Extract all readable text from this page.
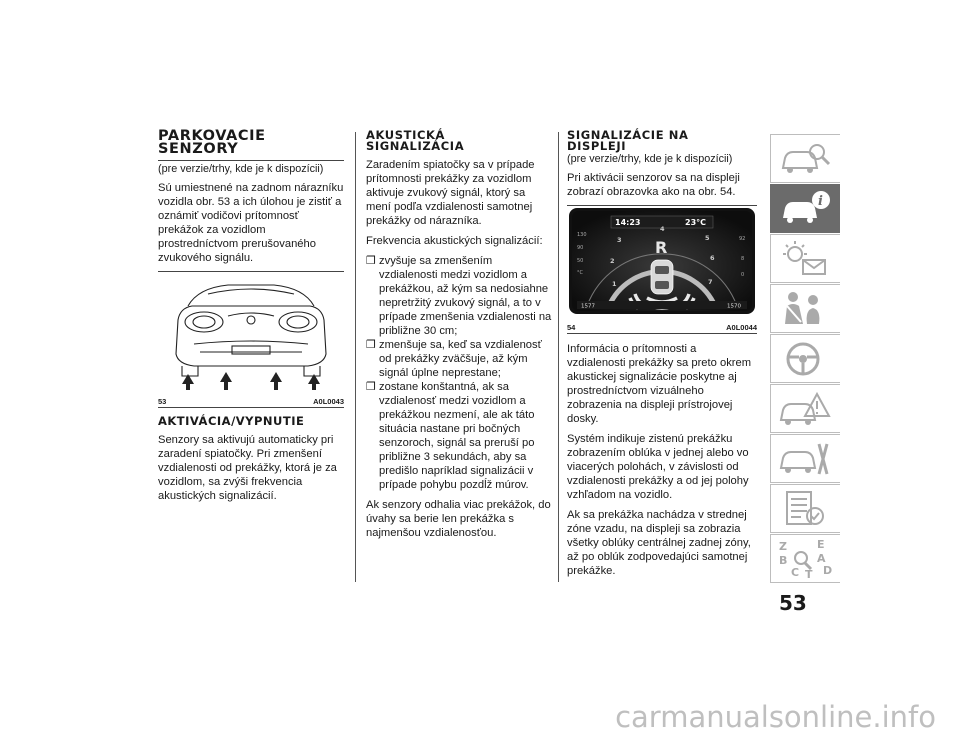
PARKOVACIE
SENZORY
(pre verzie/trhy, kde je k dispozícii)

Sú umiestnené na zadnom nárazníku vozidla obr. 53 a ich úlohou je zistiť a oznámiť vodičovi prítomnosť prekážok za vozidlom prostredníctvom prerušovaného zvukového signálu.

53	A0L0043
AKTIVÁCIA/VYPNUTIE

Senzory sa aktivujú automaticky pri zaradení spiatočky. Pri zmenšení vzdialenosti od prekážky, ktorá je za vozidlom, sa zvýši frekvencia akustických signalizácií.

AKUSTICKÁ
SIGNALIZÁCIA

Zaradením spiatočky sa v prípade prítomnosti prekážky za vozidlom aktivuje zvukový signál, ktorý sa mení podľa vzdialenosti samotnej prekážky od nárazníka.

Frekvencia akustických signalizácií:

❒ zvyšuje sa zmenšením vzdialenosti medzi vozidlom a prekážkou, až kým sa nedosiahne nepretržitý zvukový signál, a to v prípade zmenšenia vzdialenosti na približne 30 cm;
❒ zmenšuje sa, keď sa vzdialenosť od prekážky zväčšuje, až kým signál úplne neprestane;
❒ zostane konštantná, ak sa vzdialenosť medzi vozidlom a prekážkou nezmení, ale ak táto situácia nastane pri bočných senzoroch, signál sa preruší po približne 3 sekundách, aby sa predišlo napríklad signalizácii v prípade pohybu pozdĺž múrov.

Ak senzory odhalia viac prekážok, do úvahy sa berie len prekážka s najmenšou vzdialenosťou.

SIGNALIZÁCIE NA
DISPLEJI
(pre verzie/trhy, kde je k dispozícii)

Pri aktivácii senzorov sa na displeji zobrazí obrazovka ako na obr. 54.

14:23	23°C
R
1
2
3
4
5
6
7
130
90
50
°C
92
8
0
1577	1570
54	A0L0044

Informácia o prítomnosti a vzdialenosti prekážky sa preto okrem akustickej signalizácie poskytne aj prostredníctvom vizuálneho zobrazenia na displeji prístrojovej dosky.

Systém indikuje zistenú prekážku zobrazením oblúka v jednej alebo vo viacerých polohách, v závislosti od vzdialenosti prekážky a od jej polohy vzhľadom na vozidlo.

Ak sa prekážka nachádza v strednej zóne vzadu, na displeji sa zobrazia všetky oblúky centrálnej zadnej zóny, až po oblúk zodpovedajúci samotnej prekážke.

i
Z	E
A
B
C T D
53
carmanualsonline.info
